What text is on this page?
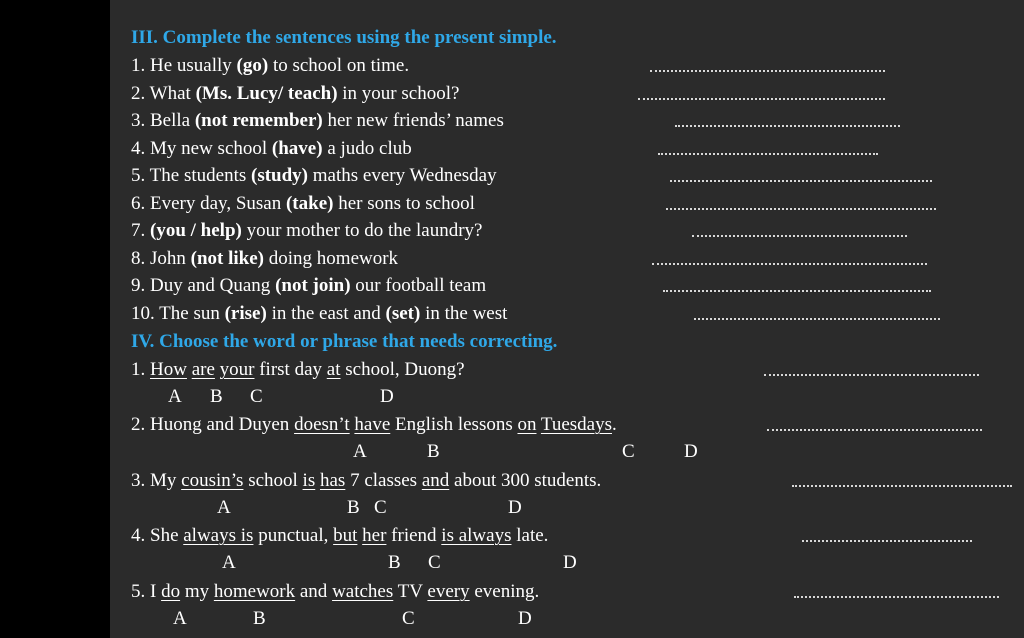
III. Complete the sentences using the present simple.
1. He usually (go) to school on time.
2. What (Ms. Lucy/ teach) in your school?
3. Bella (not remember) her new friends’ names
4. My new school (have) a judo club
5. The students (study) maths every Wednesday
6. Every day, Susan (take) her sons to school
7. (you / help) your mother to do the laundry?
8. John (not like) doing homework
9. Duy and Quang (not join) our football team
10. The sun (rise) in the east and (set) in the west
IV. Choose the word or phrase that needs correcting.
1. How are your first day at school, Duong?
A B C	D
2. Huong and Duyen doesn’t have English lessons on Tuesdays.
A	B	C	D
3. My cousin’s school is has 7 classes and about 300 students.
A	B C	D
4. She always is punctual, but her friend is always late.
A	B C	D
5. I do my homework and watches TV every evening.
A	B	C	D
